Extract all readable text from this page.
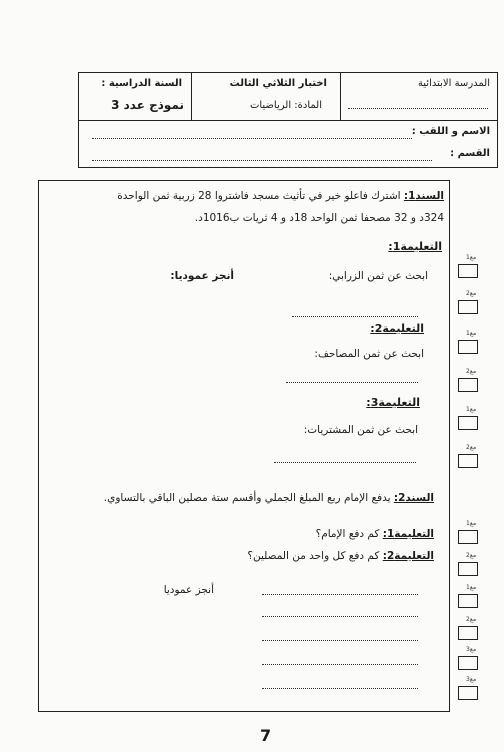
المدرسة الابتدائية
اختبار الثلاثي الثالث
المادة: الرياضيات
السنة الدراسية :
نموذج عدد 3
الاسم و اللقب :
القسم :
السند1: اشترك فاعلو خير في تأثيث مسجد فاشتروا 28 زربية ثمن الواحدة
324د و 32 مصحفا ثمن الواحد 18د و 4 ثريات ب1016د.
التعليمة1:
ابحث عن ثمن الزرابي:
أنجز عموديا:
التعليمة2:
ابحث عن ثمن المصاحف:
التعليمة3:
ابحث عن ثمن المشتريات:
السند2: يدفع الإمام ربع المبلغ الجملي وأقسم ستة مصلين الباقي بالتساوي.
التعليمة1: كم دفع الإمام؟
التعليمة2: كم دفع كل واحد من المصلين؟
أنجز عموديا
مع1
مع2
مع1
مع2
مع1
مع2
مع1
مع2
مع1
مع2
مع3
مع3
7
